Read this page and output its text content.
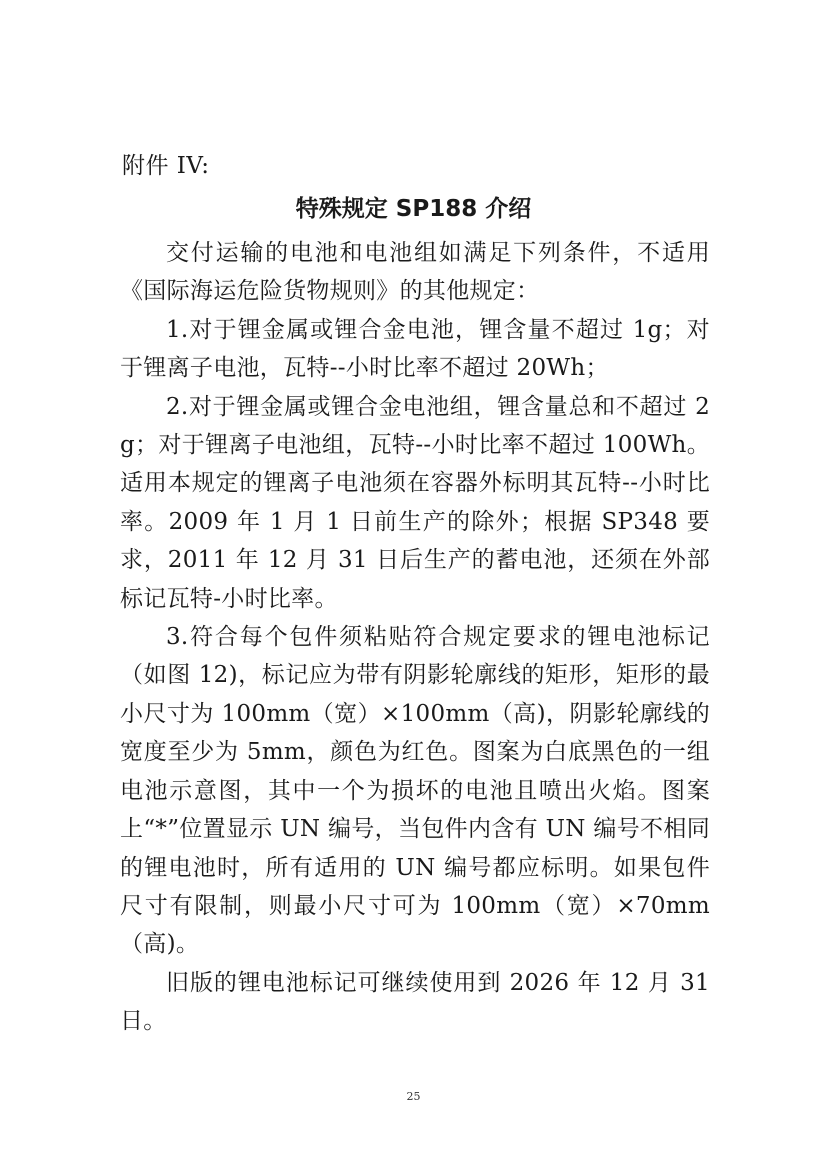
附件 IV:

特殊规定 SP188 介绍

交付运输的电池和电池组如满足下列条件，不适用《国际海运危险货物规则》的其他规定：

1.对于锂金属或锂合金电池，锂含量不超过 1g；对于锂离子电池，瓦特--小时比率不超过 20Wh；

2.对于锂金属或锂合金电池组，锂含量总和不超过 2g；对于锂离子电池组，瓦特--小时比率不超过 100Wh。适用本规定的锂离子电池须在容器外标明其瓦特--小时比率。2009 年 1 月 1 日前生产的除外；根据 SP348 要求，2011 年 12 月 31 日后生产的蓄电池，还须在外部标记瓦特-小时比率。

3.符合每个包件须粘贴符合规定要求的锂电池标记（如图 12)，标记应为带有阴影轮廓线的矩形，矩形的最小尺寸为 100mm（宽）×100mm（高)，阴影轮廓线的宽度至少为 5mm，颜色为红色。图案为白底黑色的一组电池示意图，其中一个为损坏的电池且喷出火焰。图案上“*”位置显示 UN 编号，当包件内含有 UN 编号不相同的锂电池时，所有适用的 UN 编号都应标明。如果包件尺寸有限制，则最小尺寸可为 100mm（宽）×70mm（高)。

旧版的锂电池标记可继续使用到 2026 年 12 月 31 日。

25
